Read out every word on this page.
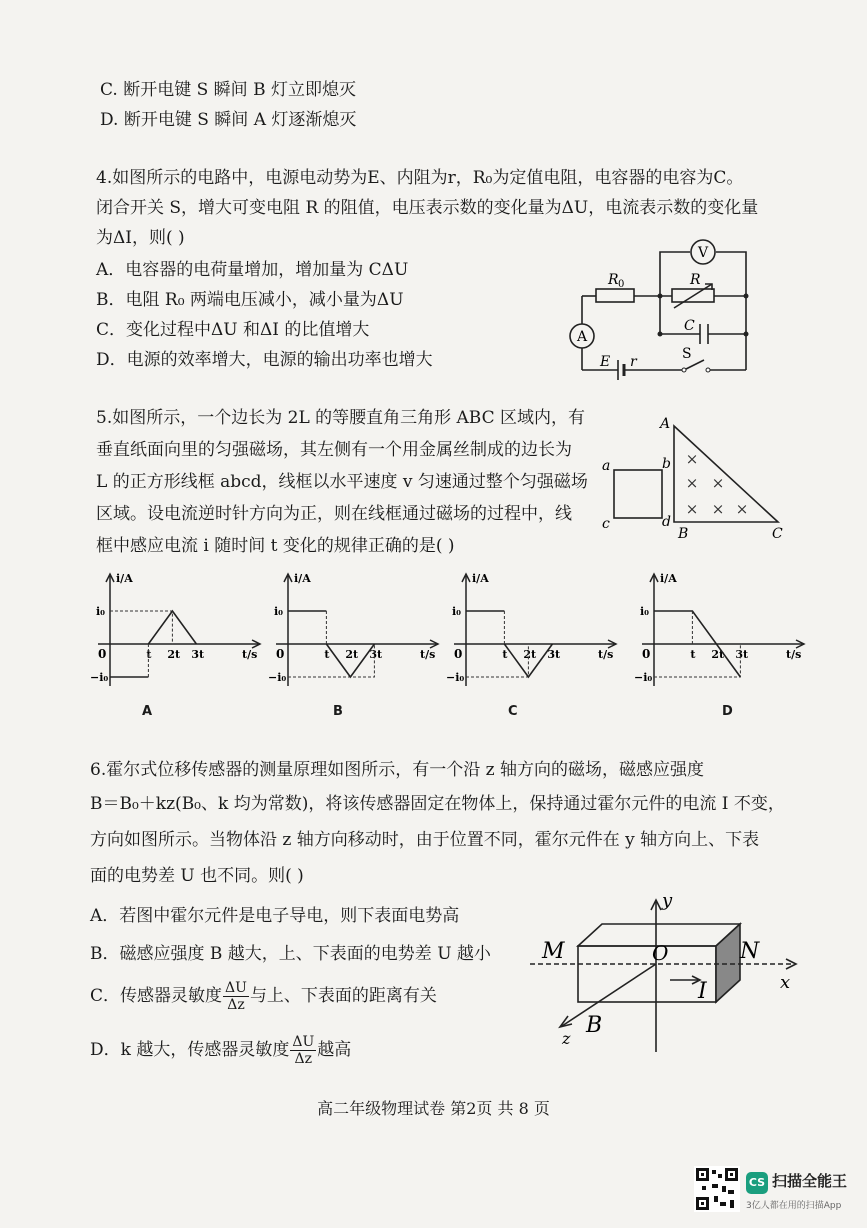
C. 断开电键 S 瞬间 B 灯立即熄灭
D. 断开电键 S 瞬间 A 灯逐渐熄灭
4.如图所示的电路中，电源电动势为E、内阻为r，R₀为定值电阻，电容器的电容为C。
闭合开关 S，增大可变电阻 R 的阻值，电压表示数的变化量为ΔU，电流表示数的变化量
为ΔI，则( )
A．电容器的电荷量增加，增加量为 CΔU
B．电阻 R₀ 两端电压减小，减小量为ΔU
C．变化过程中ΔU 和ΔI 的比值增大
D．电源的效率增大，电源的输出功率也增大
V
A
R 0	R
C
E r	S
5.如图所示，一个边长为 2L 的等腰直角三角形 ABC 区域内，有
垂直纸面向里的匀强磁场，其左侧有一个用金属丝制成的边长为
L 的正方形线框 abcd，线框以水平速度 v 匀速通过整个匀强磁场
区域。设电流逆时针方向为正，则在线框通过磁场的过程中，线
框中感应电流 i 随时间 t 变化的规律正确的是( )
×
× ×
× × ×
a	b
c	d
A
B	C
i/A
t/s
0
i₀
−i₀
t 2t 3t
i/A
t/s
0
i₀
−i₀
t 2t 3t
i/A
t/s
0
i₀
−i₀
t 2t 3t
i/A
t/s
0
i₀
−i₀
t 2t 3t
A	B	C	D
6.霍尔式位移传感器的测量原理如图所示，有一个沿 z 轴方向的磁场，磁感应强度
B＝B₀＋kz(B₀、k 均为常数)，将该传感器固定在物体上，保持通过霍尔元件的电流 I 不变，
方向如图所示。当物体沿 z 轴方向移动时，由于位置不同，霍尔元件在 y 轴方向上、下表
面的电势差 U 也不同。则( )
A．若图中霍尔元件是电子导电，则下表面电势高
B．磁感应强度 B 越大，上、下表面的电势差 U 越小
C．传感器灵敏度 $\frac{\Delta U}{\Delta z}$ 与上、下表面的距离有关
D．k 越大，传感器灵敏度 $\frac{\Delta U}{\Delta z}$ 越高
y
M	O	N
x
I
B
z
高二年级物理试卷 第2页 共 8 页
CS 扫描全能王
3亿人都在用的扫描App
